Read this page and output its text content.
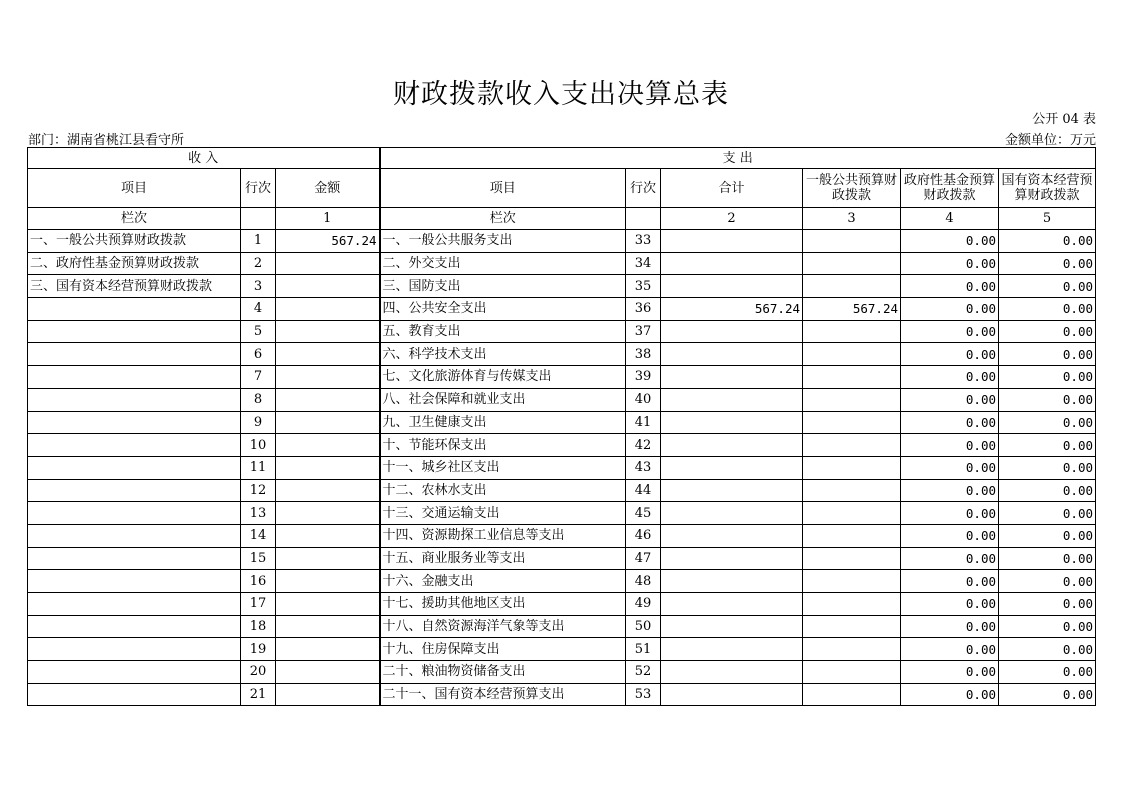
财政拨款收入支出决算总表
公开 04 表
部门：湖南省桃江县看守所	金额单位：万元
收 入			支 出					
项目	行次	金额	项目	行次	合计	一般公共预算财政拨款	政府性基金预算财政拨款	国有资本经营预算财政拨款
栏次		1	栏次		2	3	4	5
一、一般公共预算财政拨款	1	567.24	一、一般公共服务支出	33			0.00	0.00
二、政府性基金预算财政拨款	2		二、外交支出	34			0.00	0.00
三、国有资本经营预算财政拨款	3		三、国防支出	35			0.00	0.00
	4		四、公共安全支出	36	567.24	567.24	0.00	0.00
	5		五、教育支出	37			0.00	0.00
	6		六、科学技术支出	38			0.00	0.00
	7		七、文化旅游体育与传媒支出	39			0.00	0.00
	8		八、社会保障和就业支出	40			0.00	0.00
	9		九、卫生健康支出	41			0.00	0.00
	10		十、节能环保支出	42			0.00	0.00
	11		十一、城乡社区支出	43			0.00	0.00
	12		十二、农林水支出	44			0.00	0.00
	13		十三、交通运输支出	45			0.00	0.00
	14		十四、资源勘探工业信息等支出	46			0.00	0.00
	15		十五、商业服务业等支出	47			0.00	0.00
	16		十六、金融支出	48			0.00	0.00
	17		十七、援助其他地区支出	49			0.00	0.00
	18		十八、自然资源海洋气象等支出	50			0.00	0.00
	19		十九、住房保障支出	51			0.00	0.00
	20		二十、粮油物资储备支出	52			0.00	0.00
	21		二十一、国有资本经营预算支出	53			0.00	0.00
